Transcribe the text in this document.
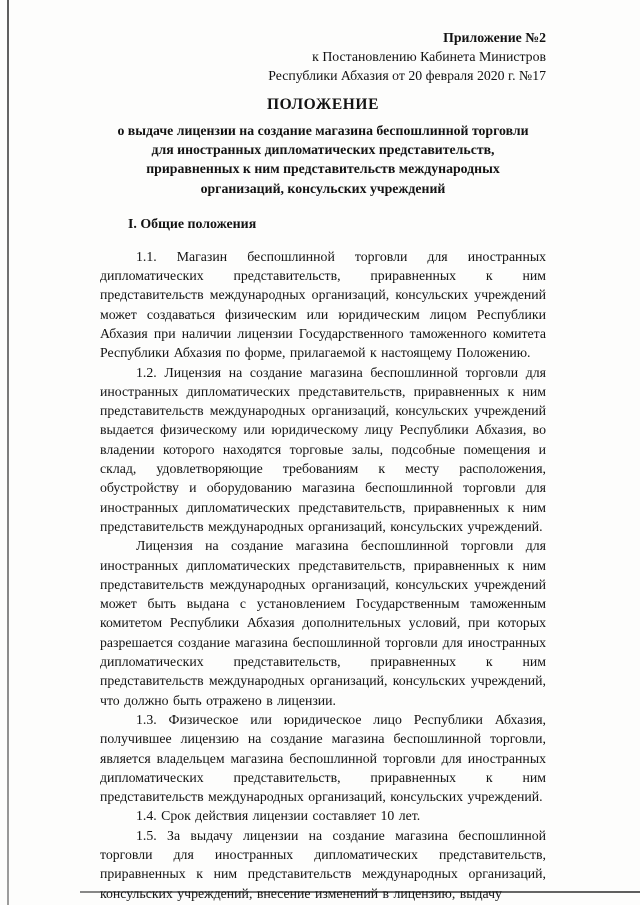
Приложение №2
к Постановлению Кабинета Министров
Республики Абхазия от 20 февраля 2020 г. №17
ПОЛОЖЕНИЕ
о выдаче лицензии на создание магазина беспошлинной торговли для иностранных дипломатических представительств, приравненных к ним представительств международных организаций, консульских учреждений
I. Общие положения

1.1. Магазин беспошлинной торговли для иностранных дипломатических представительств, приравненных к ним представительств международных организаций, консульских учреждений может создаваться физическим или юридическим лицом Республики Абхазия при наличии лицензии Государственного таможенного комитета Республики Абхазия по форме, прилагаемой к настоящему Положению.

1.2. Лицензия на создание магазина беспошлинной торговли для иностранных дипломатических представительств, приравненных к ним представительств международных организаций, консульских учреждений выдается физическому или юридическому лицу Республики Абхазия, во владении которого находятся торговые залы, подсобные помещения и склад, удовлетворяющие требованиям к месту расположения, обустройству и оборудованию магазина беспошлинной торговли для иностранных дипломатических представительств, приравненных к ним представительств международных организаций, консульских учреждений.

Лицензия на создание магазина беспошлинной торговли для иностранных дипломатических представительств, приравненных к ним представительств международных организаций, консульских учреждений может быть выдана с установлением Государственным таможенным комитетом Республики Абхазия дополнительных условий, при которых разрешается создание магазина беспошлинной торговли для иностранных дипломатических представительств, приравненных к ним представительств международных организаций, консульских учреждений, что должно быть отражено в лицензии.

1.3. Физическое или юридическое лицо Республики Абхазия, получившее лицензию на создание магазина беспошлинной торговли, является владельцем магазина беспошлинной торговли для иностранных дипломатических представительств, приравненных к ним представительств международных организаций, консульских учреждений.

1.4. Срок действия лицензии составляет 10 лет.

1.5. За выдачу лицензии на создание магазина беспошлинной торговли для иностранных дипломатических представительств, приравненных к ним представительств международных организаций, консульских учреждений, внесение изменений в лицензию, выдачу
